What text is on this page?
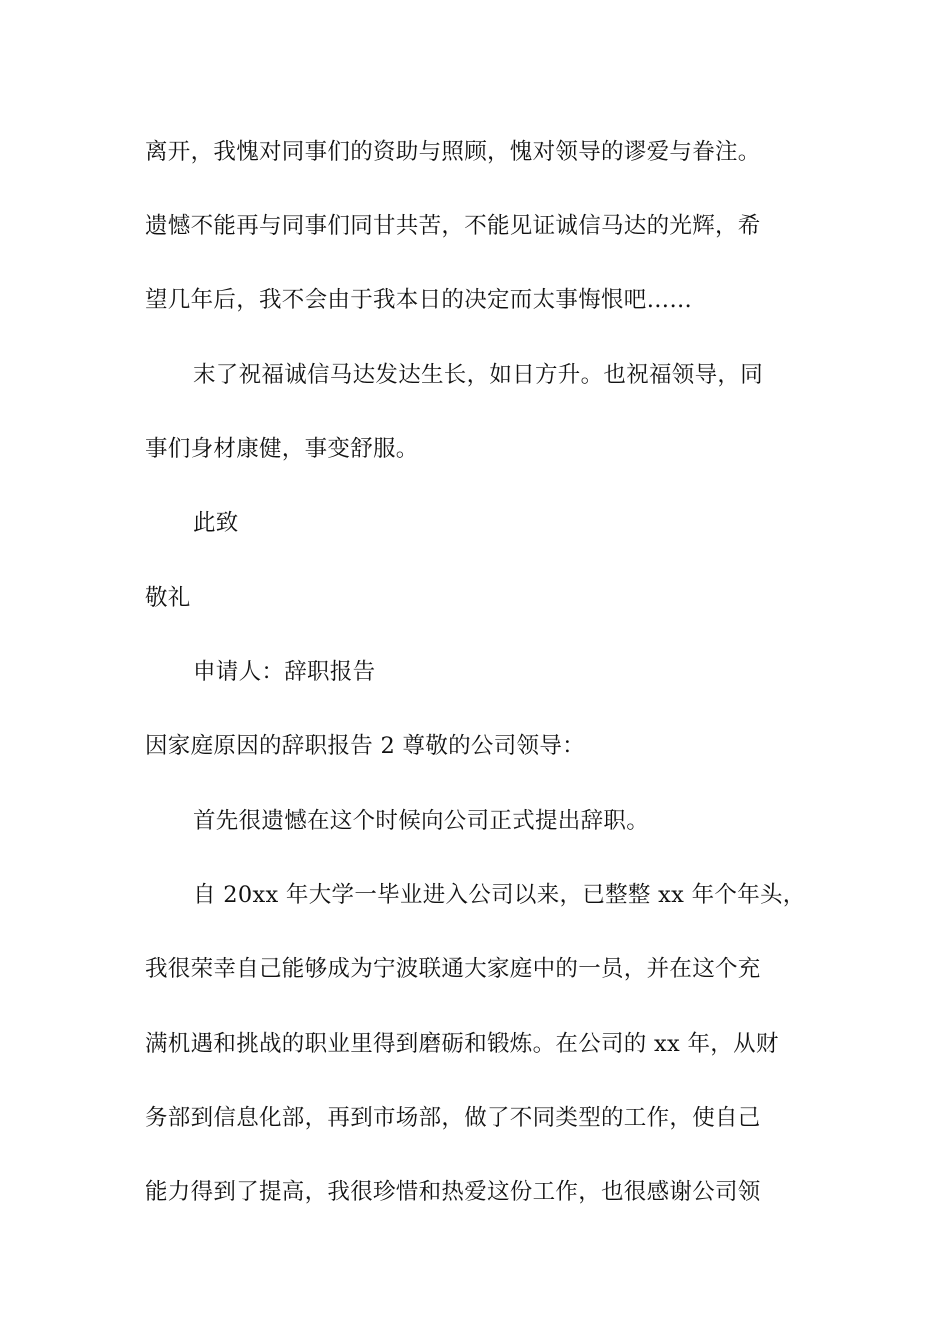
离开，我愧对同事们的资助与照顾，愧对领导的谬爱与眷注。
遗憾不能再与同事们同甘共苦，不能见证诚信马达的光辉，希
望几年后，我不会由于我本日的决定而太事悔恨吧……
末了祝福诚信马达发达生长，如日方升。也祝福领导，同
事们身材康健，事变舒服。
此致
敬礼
申请人：辞职报告
因家庭原因的辞职报告 2 尊敬的公司领导：
首先很遗憾在这个时候向公司正式提出辞职。
自 20xx 年大学一毕业进入公司以来，已整整 xx 年个年头，
我很荣幸自己能够成为宁波联通大家庭中的一员，并在这个充
满机遇和挑战的职业里得到磨砺和锻炼。在公司的 xx 年，从财
务部到信息化部，再到市场部，做了不同类型的工作，使自己
能力得到了提高，我很珍惜和热爱这份工作，也很感谢公司领
